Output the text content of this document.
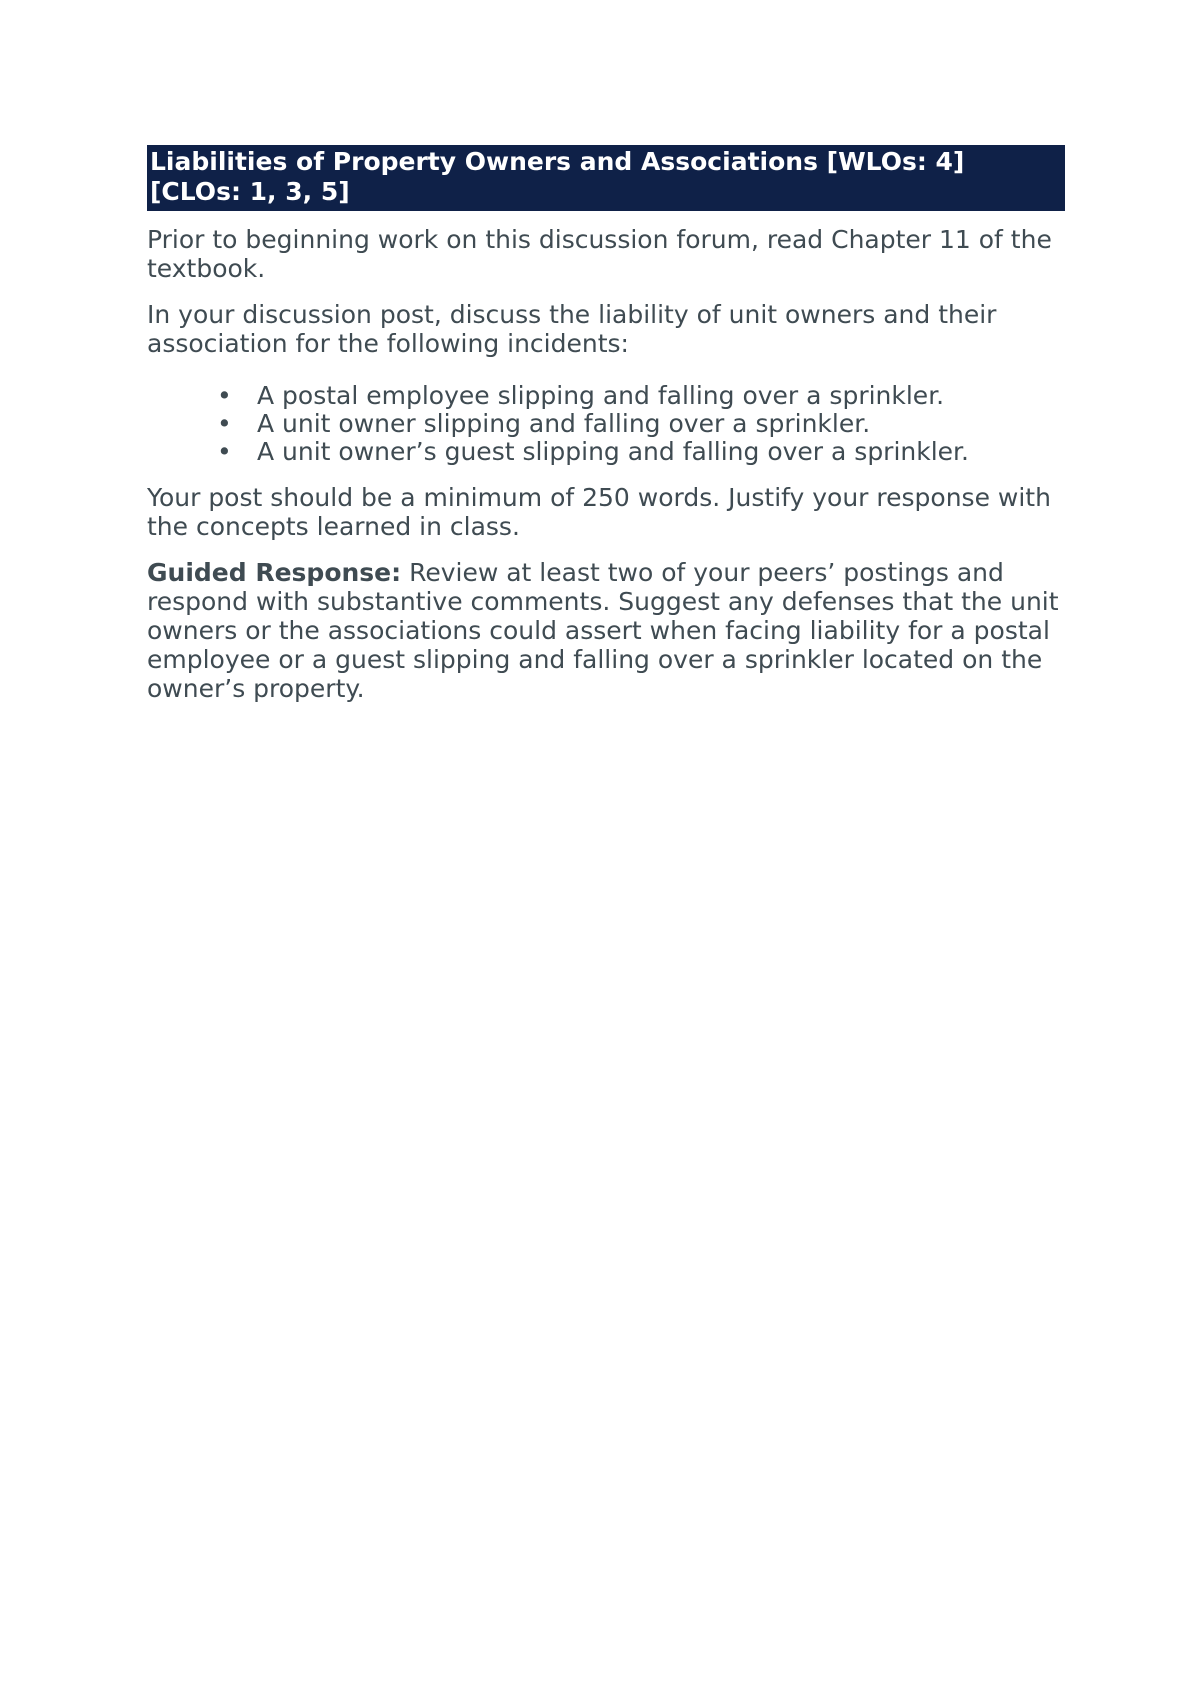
Liabilities of Property Owners and Associations [WLOs: 4] [CLOs: 1, 3, 5]

Prior to beginning work on this discussion forum, read Chapter 11 of the textbook.

In your discussion post, discuss the liability of unit owners and their association for the following incidents:

• A postal employee slipping and falling over a sprinkler.
• A unit owner slipping and falling over a sprinkler.
• A unit owner’s guest slipping and falling over a sprinkler.

Your post should be a minimum of 250 words. Justify your response with the concepts learned in class.

Guided Response: Review at least two of your peers’ postings and respond with substantive comments. Suggest any defenses that the unit owners or the associations could assert when facing liability for a postal employee or a guest slipping and falling over a sprinkler located on the owner’s property.
